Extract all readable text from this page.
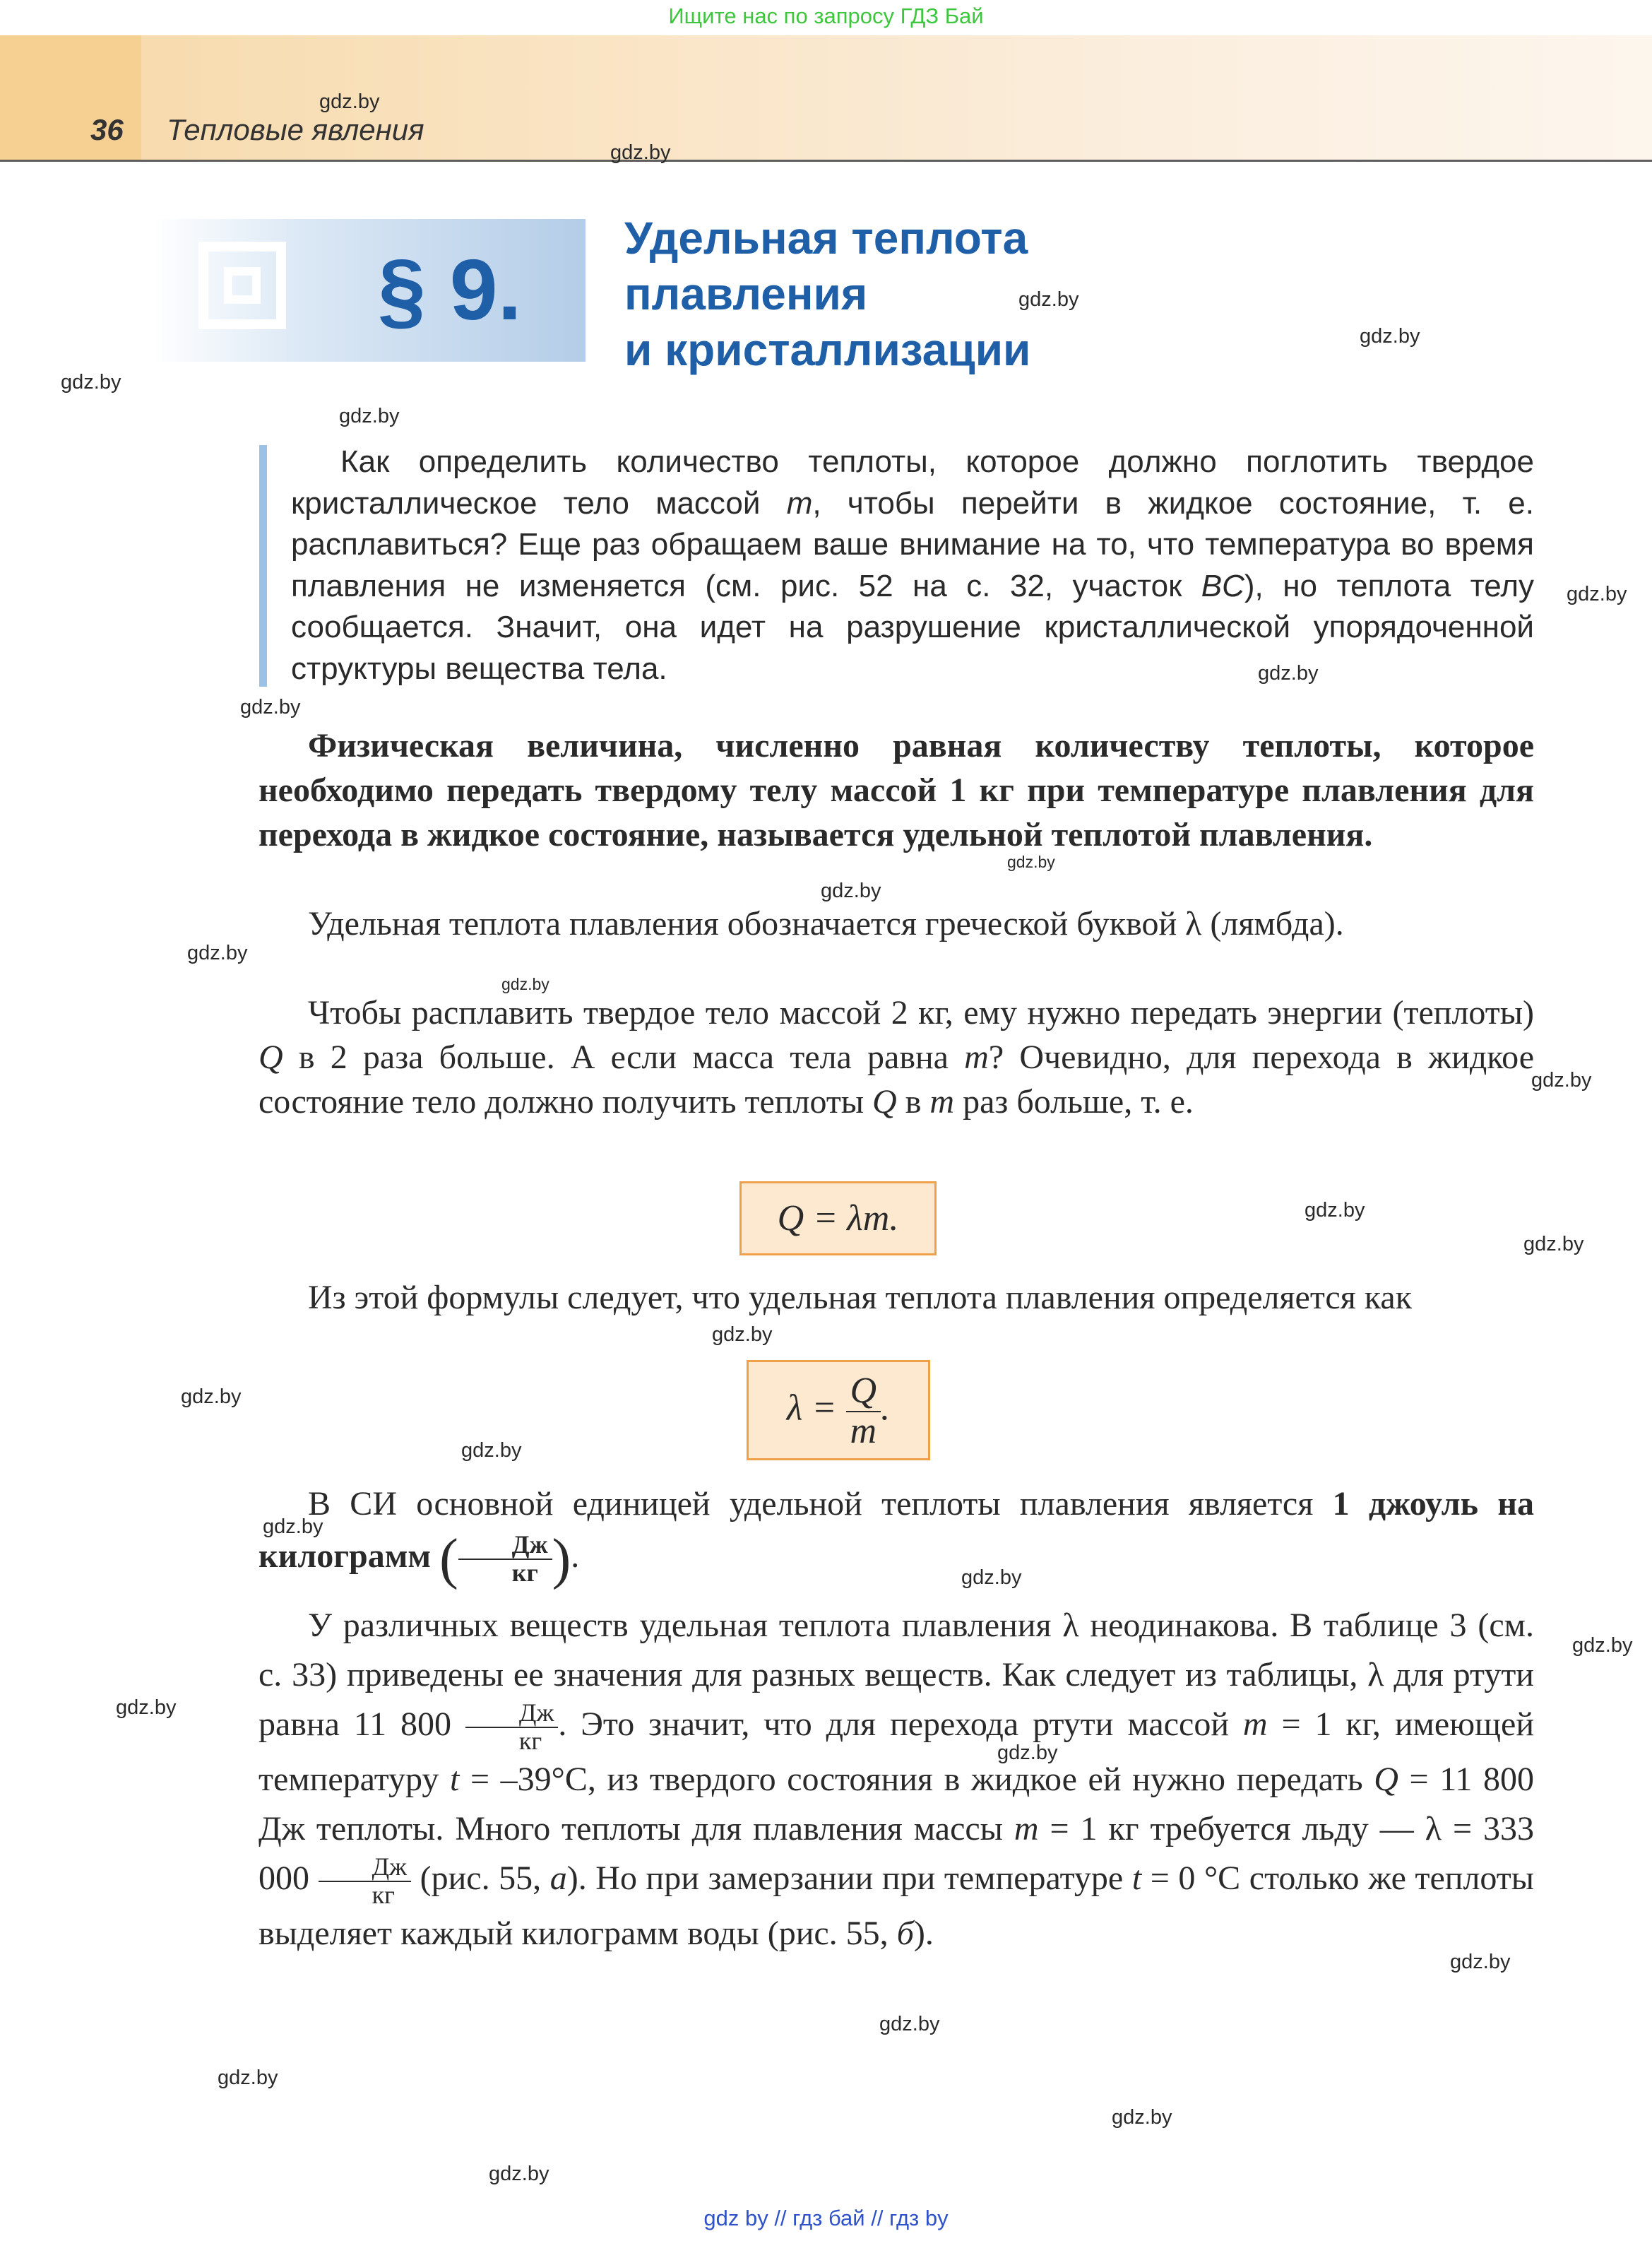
Ищите нас по запросу ГДЗ Бай
36 Тепловые явления
§ 9.
Удельная теплота
плавления
и кристаллизации
Как определить количество теплоты, которое должно поглотить твердое кристаллическое тело массой m, чтобы перейти в жидкое состояние, т. е. расплавиться? Еще раз обращаем ваше внимание на то, что температура во время плавления не изменяется (см. рис. 52 на с. 32, участок BC), но теплота телу сообщается. Значит, она идет на разрушение кристаллической упорядоченной структуры вещества тела.
Физическая величина, численно равная количеству теплоты, которое необходимо передать твердому телу массой 1 кг при температуре плавления для перехода в жидкое состояние, называется удельной теплотой плавления.
Удельная теплота плавления обозначается греческой буквой λ (лямбда).
Чтобы расплавить твердое тело массой 2 кг, ему нужно передать энергии (теплоты) Q в 2 раза больше. А если масса тела равна m? Очевидно, для перехода в жидкое состояние тело должно получить теплоты Q в m раз больше, т. е.
Q = λm.
Из этой формулы следует, что удельная теплота плавления определяется как
$\lambda = \frac{Q}{m}$ .
В СИ основной единицей удельной теплоты плавления является 1 джоуль на килограмм ( $\frac{Дж}{кг}$ ).
У различных веществ удельная теплота плавления λ неодинакова. В таблице 3 (см. с. 33) приведены ее значения для разных веществ. Как следует из таблицы, λ для ртути равна 11 $800 \frac{Дж}{кг}$ . Это значит, что для перехода ртути массой m = 1 кг, имеющей температуру t = –39°C, из твердого состояния в жидкое ей нужно передать Q = 11 800 Дж теплоты. Много теплоты для плавления массы m = 1 кг требуется льду — λ = 333 $000 \frac{Дж}{кг} (рис$. 55, а). Но при замерзании при температуре t = 0 °С столько же теплоты выделяет каждый килограмм воды (рис. 55, б).
gdz.by
gdz.by
gdz.by
gdz.by
gdz.by
gdz.by
gdz.by
gdz.by
gdz.by
gdz.by
gdz.by
gdz.by
gdz.by
gdz.by
gdz.by
gdz.by
gdz.by
gdz.by
gdz.by
gdz.by
gdz.by
gdz.by
gdz.by
gdz.by
gdz.by
gdz.by
gdz.by
gdz.by
gdz.by
gdz by // гдз бай // гдз by
